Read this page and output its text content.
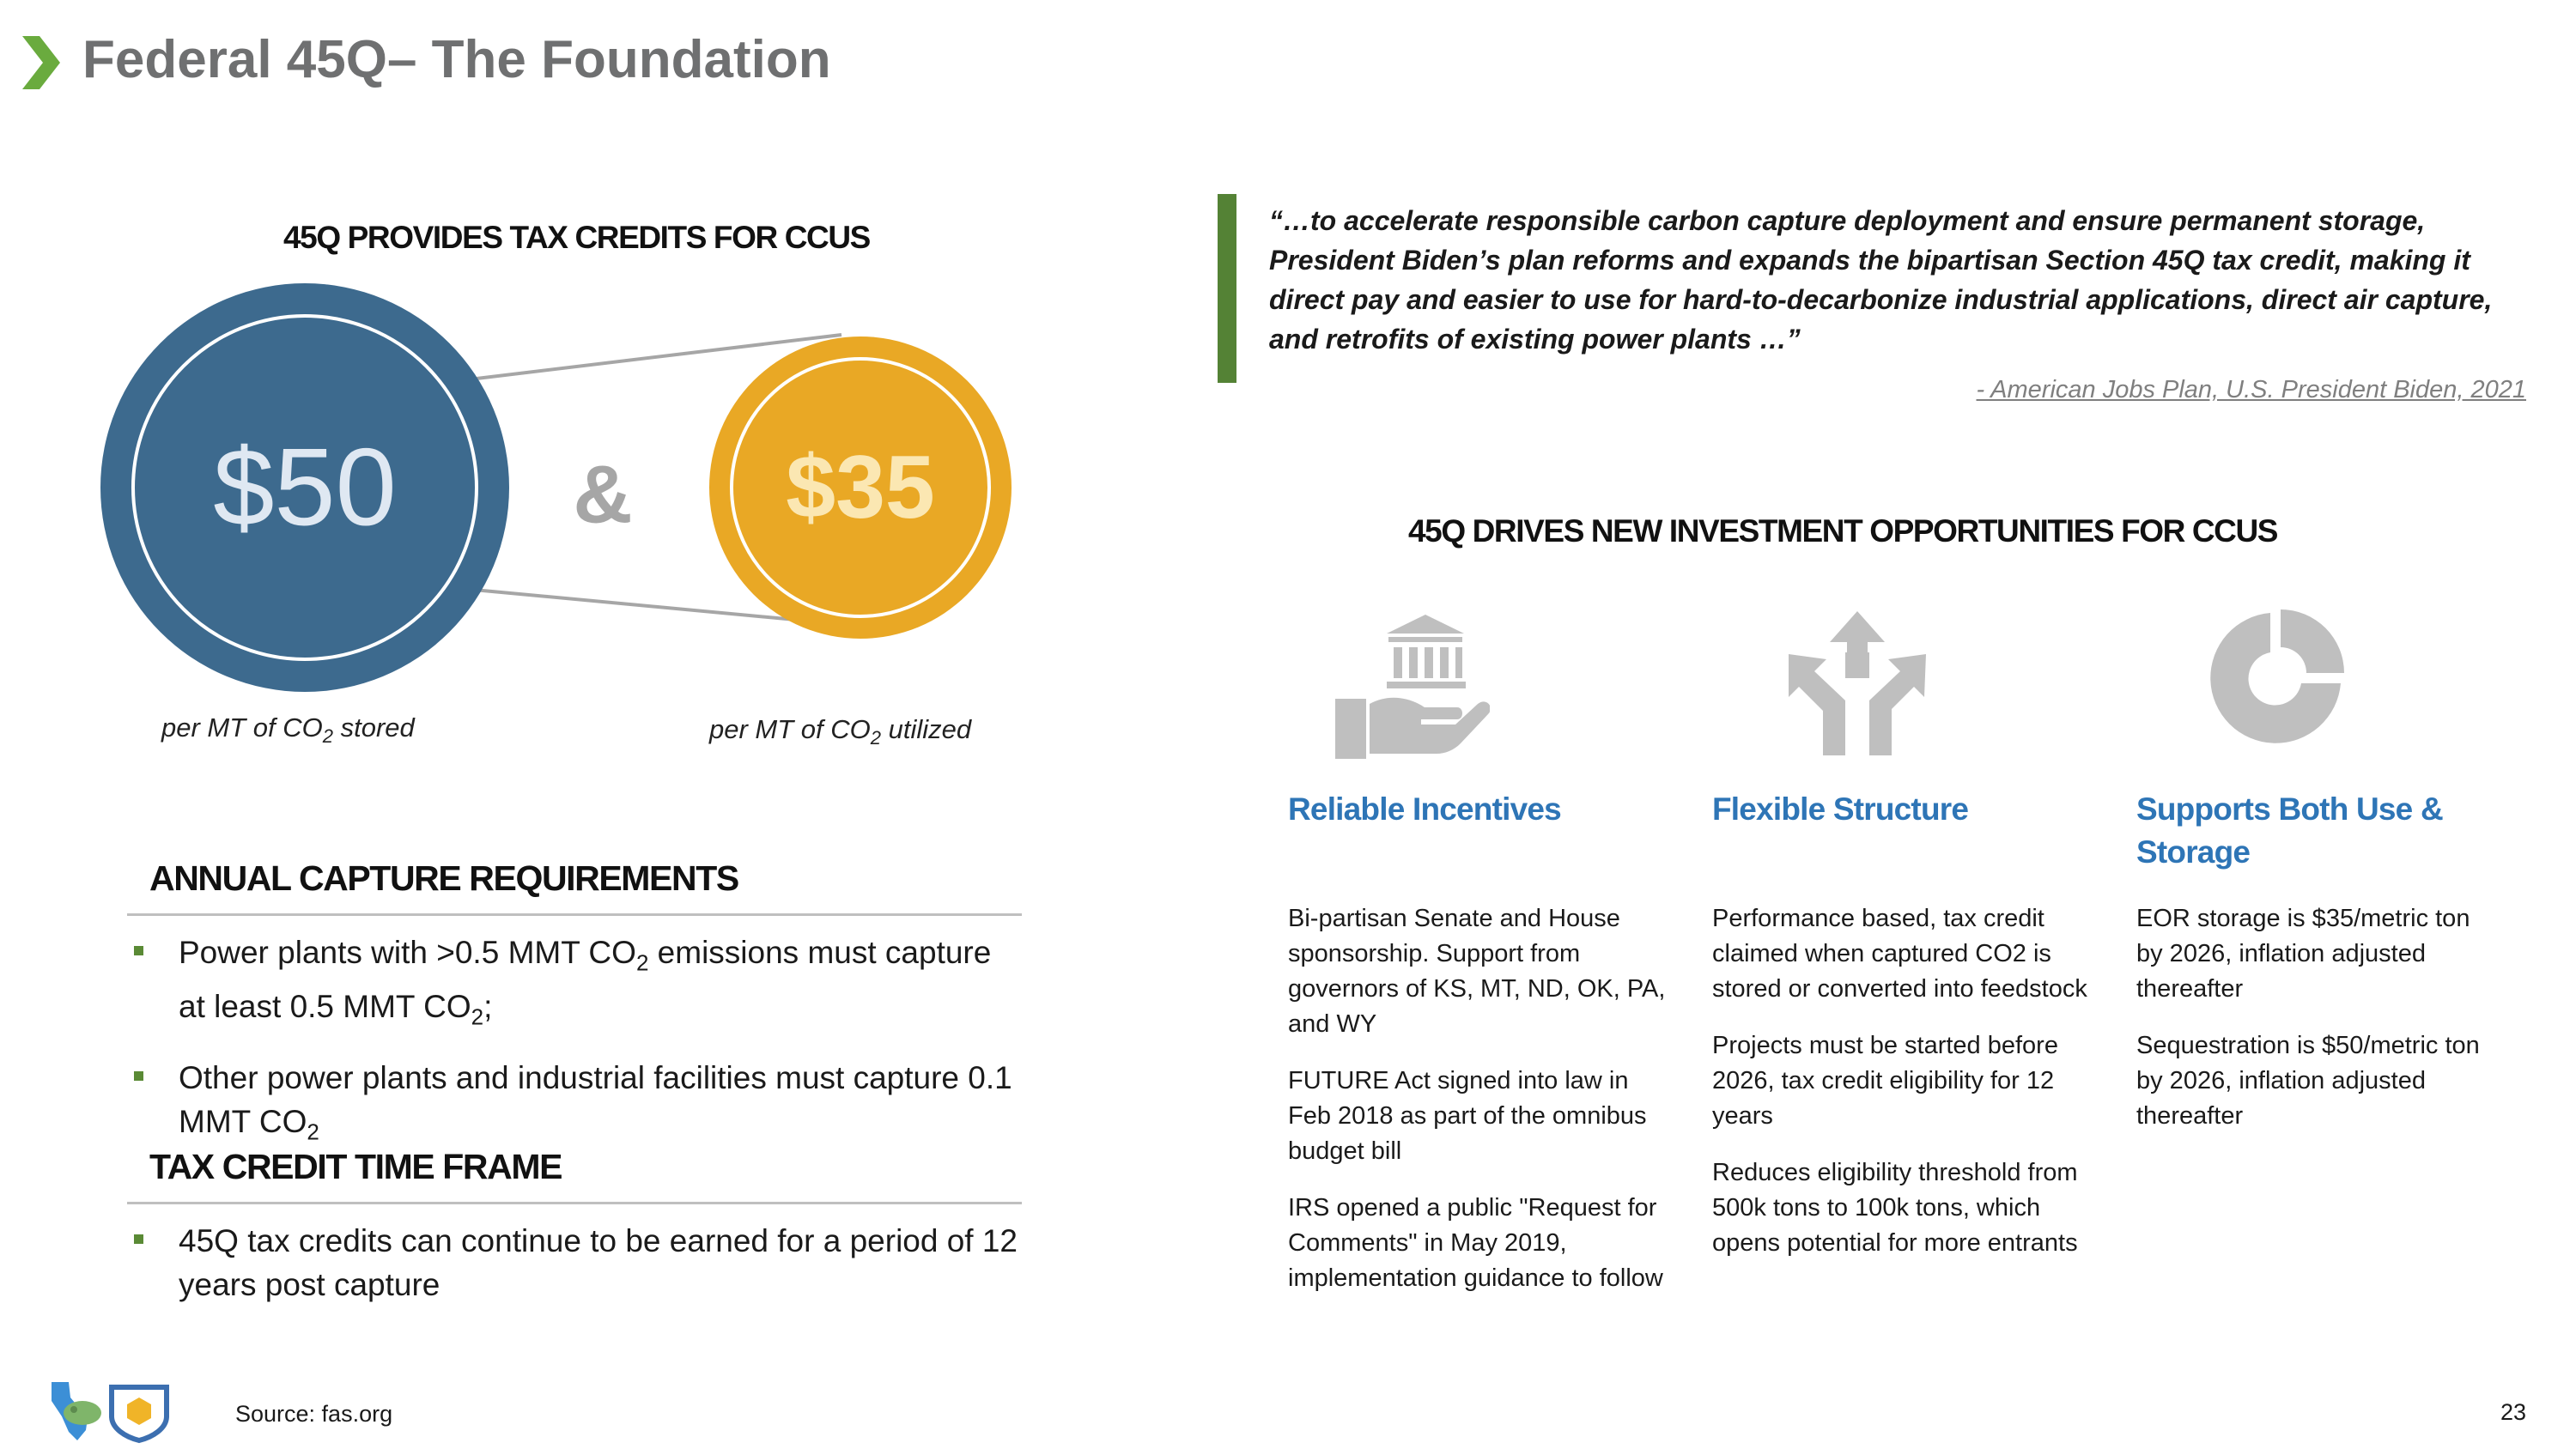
Federal 45Q– The Foundation
45Q PROVIDES TAX CREDITS FOR CCUS
$50 & $35
per MT of $CO_2$ stored	per MT of $CO_2$ utilized
ANNUAL CAPTURE REQUIREMENTS
Power plants with >0.5 MMT $CO_2$ emissions must capture at least 0.5 MMT $CO_2$;
Other power plants and industrial facilities must capture 0.1 MMT $CO_2$
TAX CREDIT TIME FRAME
45Q tax credits can continue to be earned for a period of 12 years post capture
“…to accelerate responsible carbon capture deployment and ensure permanent storage, President Biden’s plan reforms and expands the bipartisan Section 45Q tax credit, making it direct pay and easier to use for hard-to-decarbonize industrial applications, direct air capture, and retrofits of existing power plants …”
- American Jobs Plan, U.S. President Biden, 2021
45Q DRIVES NEW INVESTMENT OPPORTUNITIES FOR CCUS
Reliable Incentives

Bi-partisan Senate and House sponsorship. Support from governors of KS, MT, ND, OK, PA, and WY

FUTURE Act signed into law in Feb 2018 as part of the omnibus budget bill

IRS opened a public "Request for Comments" in May 2019, implementation guidance to follow

Flexible Structure

Performance based, tax credit claimed when captured CO2 is stored or converted into feedstock

Projects must be started before 2026, tax credit eligibility for 12 years

Reduces eligibility threshold from 500k tons to 100k tons, which opens potential for more entrants

Supports Both Use & Storage

EOR storage is $35/metric ton by 2026, inflation adjusted thereafter

Sequestration is $50/metric ton by 2026, inflation adjusted thereafter

Source: fas.org	23
